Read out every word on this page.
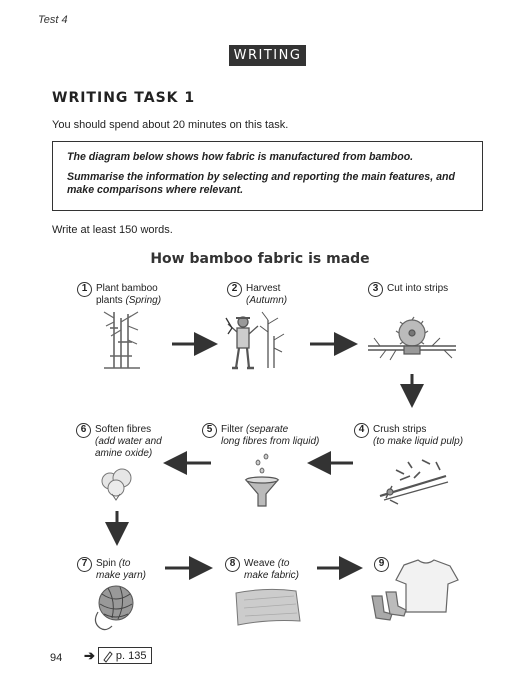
Test 4
WRITING
WRITING TASK 1
You should spend about 20 minutes on this task.

The diagram below shows how fabric is manufactured from bamboo.

Summarise the information by selecting and reporting the main features, and make comparisons where relevant.

Write at least 150 words.
How bamboo fabric is made
1 Plant bamboo
plants (Spring)
2 Harvest
(Autumn)
3 Cut into strips
4 Crush strips
(to make liquid pulp)
5 Filter (separate
long fibres from liquid)
6 Soften fibres
(add water and
amine oxide)
7 Spin (to
make yarn)
8 Weave (to
make fabric)
9
94 ➔ p. 135
